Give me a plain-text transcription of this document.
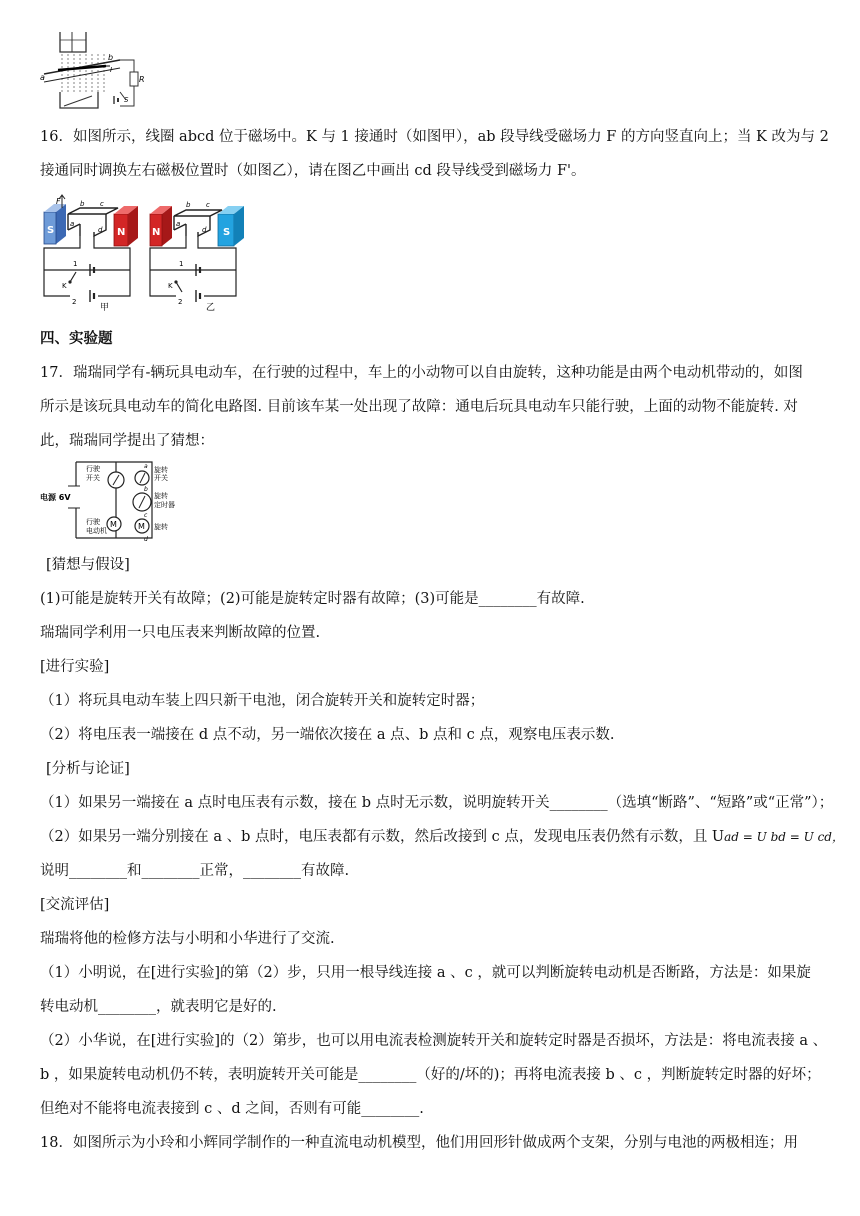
a
b
I
R
S
16．如图所示，线圈 abcd 位于磁场中。K 与 1 接通时（如图甲），ab 段导线受磁场力 F 的方向竖直向上；当 K 改为与 2
接通同时调换左右磁极位置时（如图乙），请在图乙中画出 cd 段导线受到磁场力 F'。
F	b c
a
d
S	N
1
K
2
甲
b c
a
d
N	S
1
K
2
乙
四、实验题
17．瑞瑞同学有-辆玩具电动车，在行驶的过程中，车上的小动物可以自由旋转，这种功能是由两个电动机带动的，如图
所示是该玩具电动车的简化电路图. 目前该车某一处出现了故障：通电后玩具电动车只能行驶，上面的动物不能旋转. 对
此，瑞瑞同学提出了猜想：
行驶
开关
旋转
开关
电源 6V	旋转
定时器
行驶
电动机	旋转
M	M
a
b
c
d
[猜想与假设]
(1)可能是旋转开关有故障；(2)可能是旋转定时器有故障；(3)可能是________有故障.
瑞瑞同学利用一只电压表来判断故障的位置.
[进行实验]
（1）将玩具电动车装上四只新干电池，闭合旋转开关和旋转定时器；
（2）将电压表一端接在 d 点不动，另一端依次接在 a 点、b 点和 c 点，观察电压表示数.
[分析与论证]
（1）如果另一端接在 a 点时电压表有示数，接在 b 点时无示数，说明旋转开关________（选填“断路”、“短路”或“正常”）；
（2）如果另一端分别接在 a 、b 点时，电压表都有示数，然后改接到 c 点，发现电压表仍然有示数，且 Uad = U bd = U cd，
说明________和________正常，________有故障.
[交流评估]
瑞瑞将他的检修方法与小明和小华进行了交流.
（1）小明说，在[进行实验]的第（2）步，只用一根导线连接 a 、c ，就可以判断旋转电动机是否断路，方法是：如果旋
转电动机________，就表明它是好的.
（2）小华说，在[进行实验]的（2）第步，也可以用电流表检测旋转开关和旋转定时器是否损坏，方法是：将电流表接 a 、
b ，如果旋转电动机仍不转，表明旋转开关可能是________（好的/坏的)；再将电流表接 b 、c ，判断旋转定时器的好坏；
但绝对不能将电流表接到 c 、d 之间，否则有可能________.
18．如图所示为小玲和小辉同学制作的一种直流电动机模型，他们用回形针做成两个支架，分别与电池的两极相连；用
